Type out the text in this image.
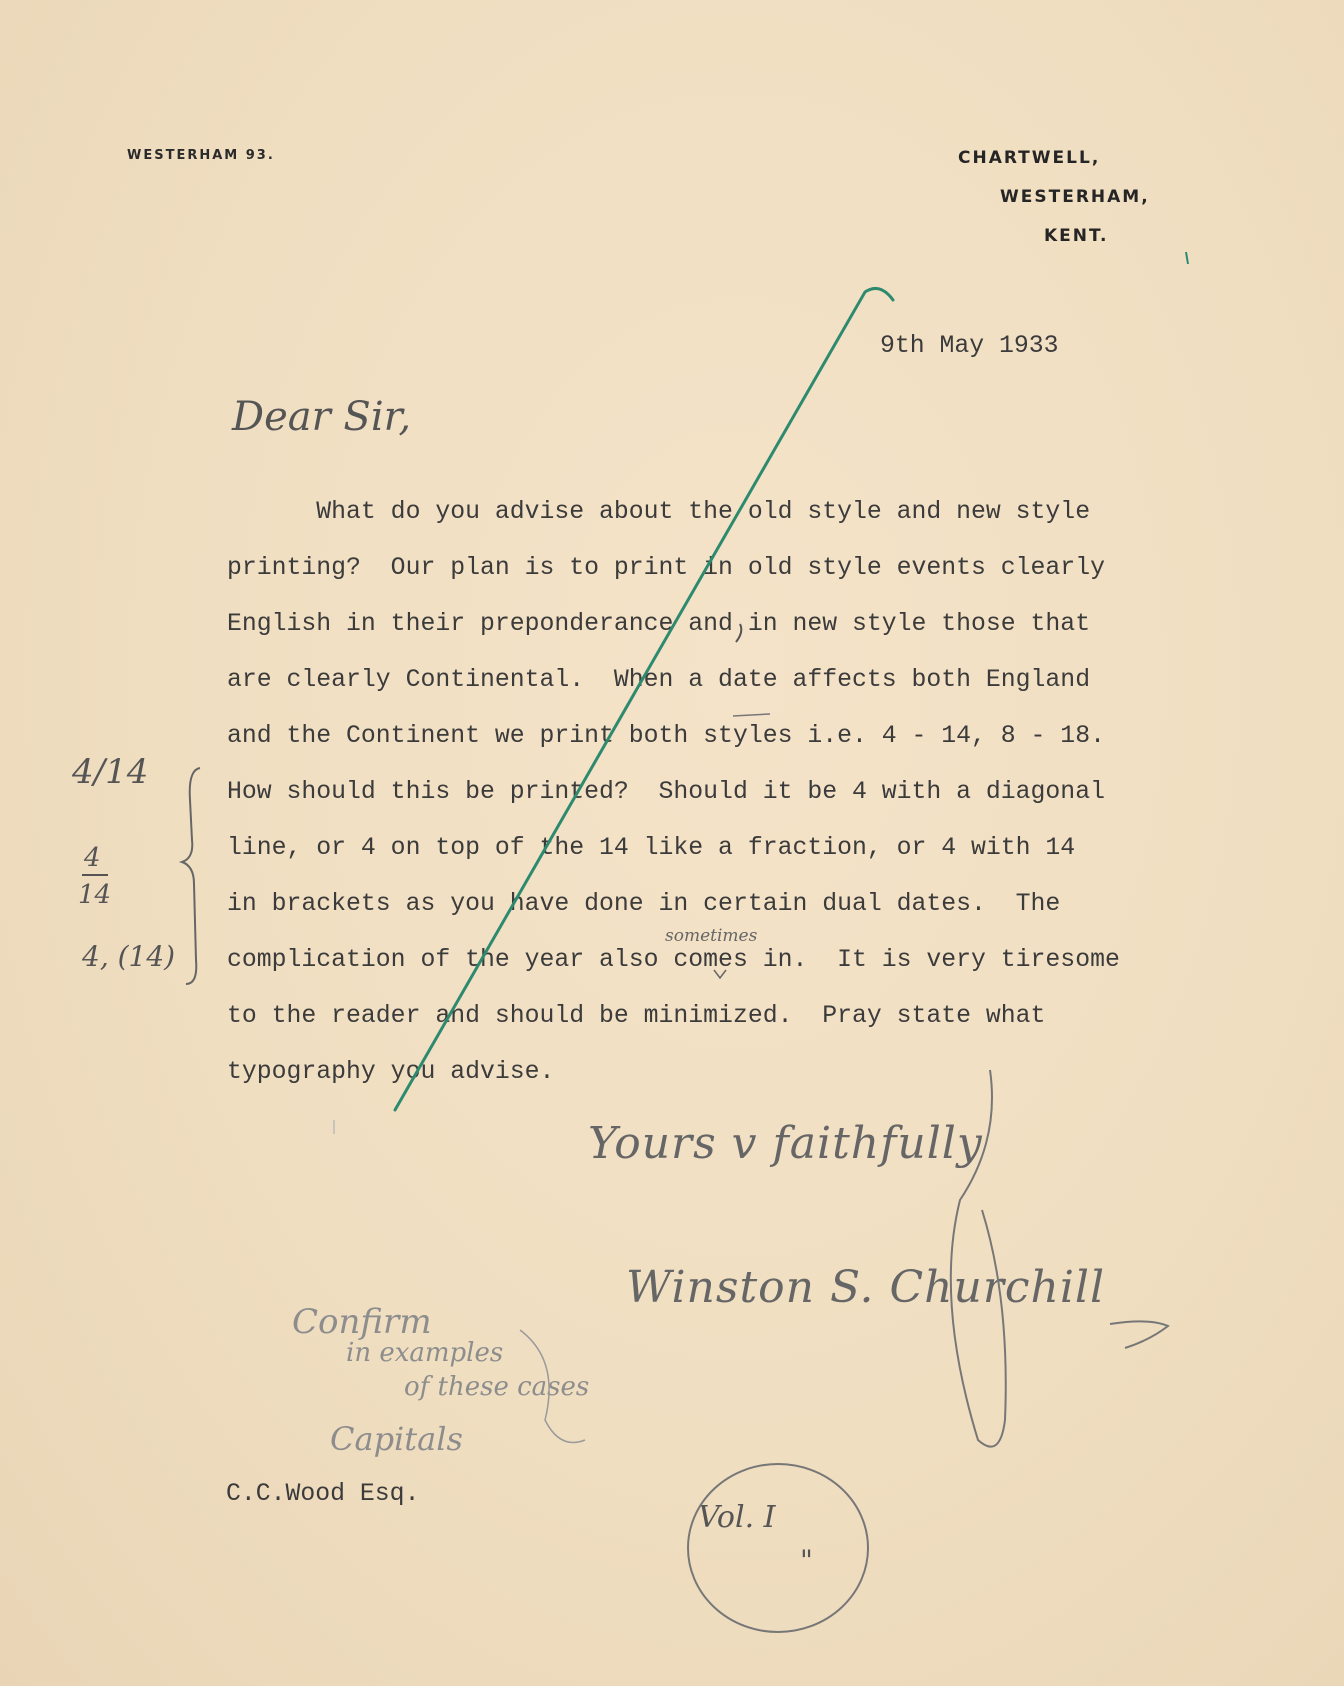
WESTERHAM 93.	CHARTWELL,
WESTERHAM,
KENT.
9th May 1933
Dear Sir,
What do you advise about the old style and new style
printing?  Our plan is to print in old style events clearly
English in their preponderance and in new style those that
are clearly Continental.  When a date affects both England
and the Continent we print both styles i.e. 4 - 14, 8 - 18.
How should this be printed?  Should it be 4 with a diagonal
line, or 4 on top of the 14 like a fraction, or 4 with 14
in brackets as you have done in certain dual dates.  The
complication of the year also comes in.  It is very tiresome
to the reader and should be minimized.  Pray state what
typography you advise.
sometimes
4/14
4
14
4, (14)
Yours v faithfully
Winston S. Churchill
Confirm
in examples
of these cases
Capitals
C.C.Wood Esq.
Vol. I
"
